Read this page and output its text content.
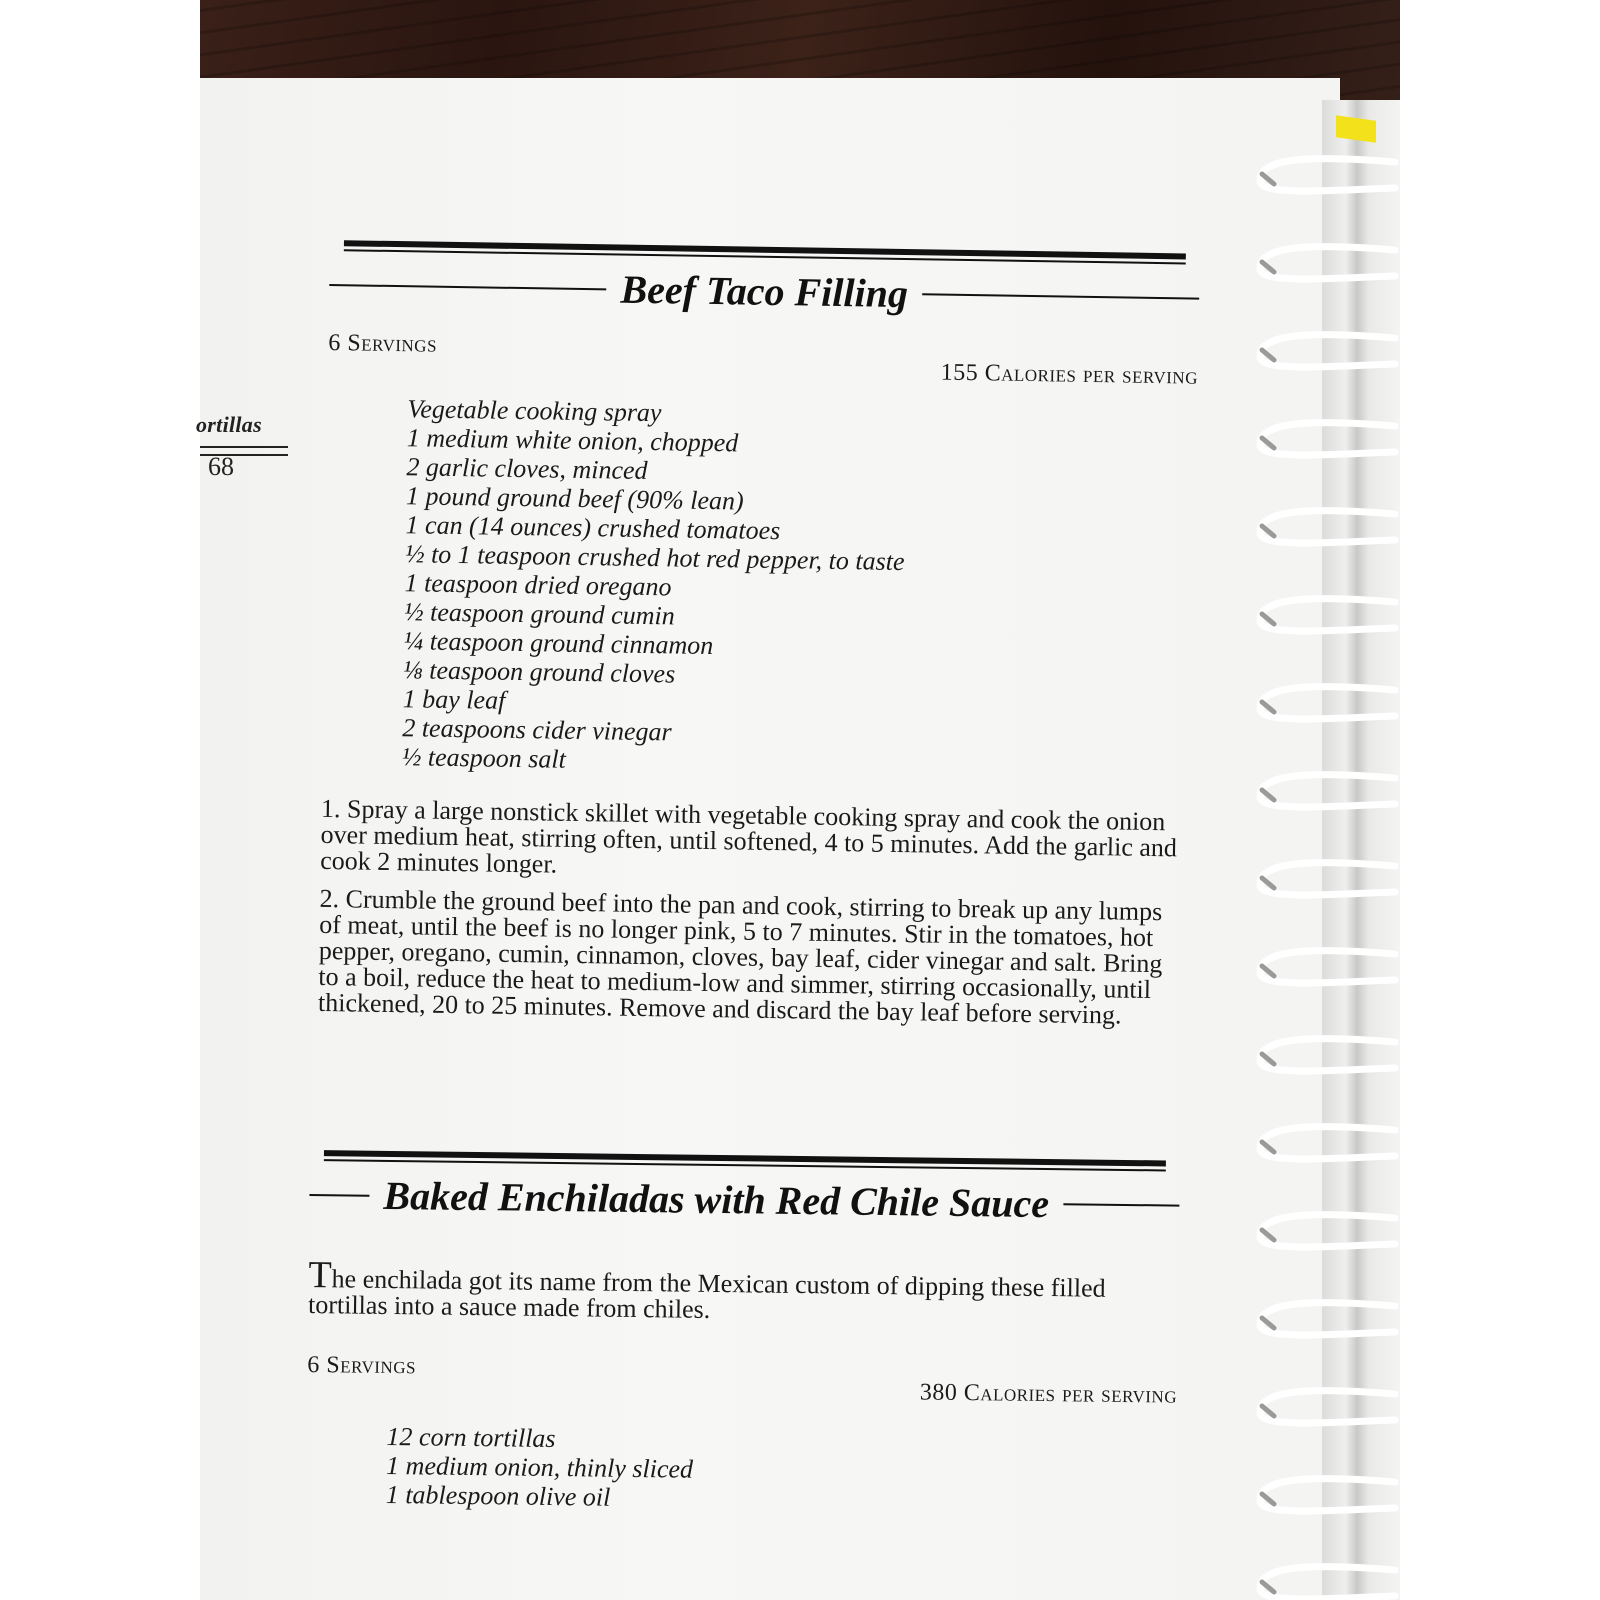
ortillas
68
Beef Taco Filling
6 Servings
155 Calories per serving
Vegetable cooking spray
1 medium white onion, chopped
2 garlic cloves, minced
1 pound ground beef (90% lean)
1 can (14 ounces) crushed tomatoes
½ to 1 teaspoon crushed hot red pepper, to taste
1 teaspoon dried oregano
½ teaspoon ground cumin
¼ teaspoon ground cinnamon
⅛ teaspoon ground cloves
1 bay leaf
2 teaspoons cider vinegar
½ teaspoon salt

1. Spray a large nonstick skillet with vegetable cooking spray and cook the onion over medium heat, stirring often, until softened, 4 to 5 minutes. Add the garlic and cook 2 minutes longer.

2. Crumble the ground beef into the pan and cook, stirring to break up any lumps of meat, until the beef is no longer pink, 5 to 7 minutes. Stir in the tomatoes, hot pepper, oregano, cumin, cinnamon, cloves, bay leaf, cider vinegar and salt. Bring to a boil, reduce the heat to medium-low and simmer, stirring occasionally, until thickened, 20 to 25 minutes. Remove and discard the bay leaf before serving.

Baked Enchiladas with Red Chile Sauce
The enchilada got its name from the Mexican custom of dipping these filled tortillas into a sauce made from chiles.
6 Servings
380 Calories per serving
12 corn tortillas
1 medium onion, thinly sliced
1 tablespoon olive oil
